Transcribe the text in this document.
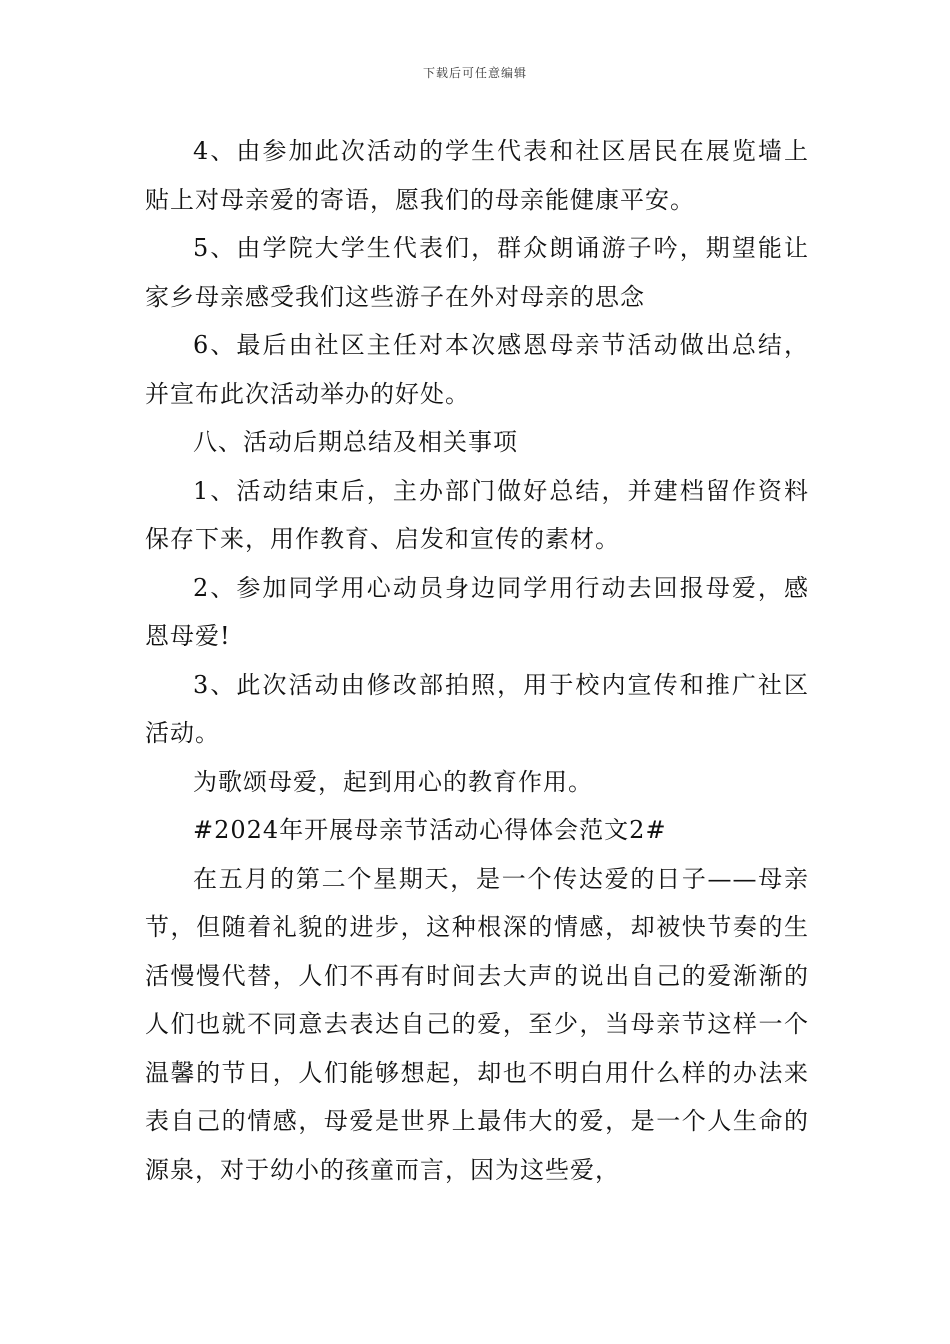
下载后可任意编辑

4、由参加此次活动的学生代表和社区居民在展览墙上贴上对母亲爱的寄语，愿我们的母亲能健康平安。

5、由学院大学生代表们，群众朗诵游子吟，期望能让家乡母亲感受我们这些游子在外对母亲的思念

6、最后由社区主任对本次感恩母亲节活动做出总结，并宣布此次活动举办的好处。

八、活动后期总结及相关事项

1、活动结束后，主办部门做好总结，并建档留作资料保存下来，用作教育、启发和宣传的素材。

2、参加同学用心动员身边同学用行动去回报母爱，感恩母爱!

3、此次活动由修改部拍照，用于校内宣传和推广社区活动。

为歌颂母爱，起到用心的教育作用。

#2024年开展母亲节活动心得体会范文2#

在五月的第二个星期天，是一个传达爱的日子——母亲节，但随着礼貌的进步，这种根深的情感，却被快节奏的生活慢慢代替，人们不再有时间去大声的说出自己的爱渐渐的人们也就不同意去表达自己的爱，至少，当母亲节这样一个温馨的节日，人们能够想起，却也不明白用什么样的办法来表自己的情感，母爱是世界上最伟大的爱，是一个人生命的源泉，对于幼小的孩童而言，因为这些爱，
